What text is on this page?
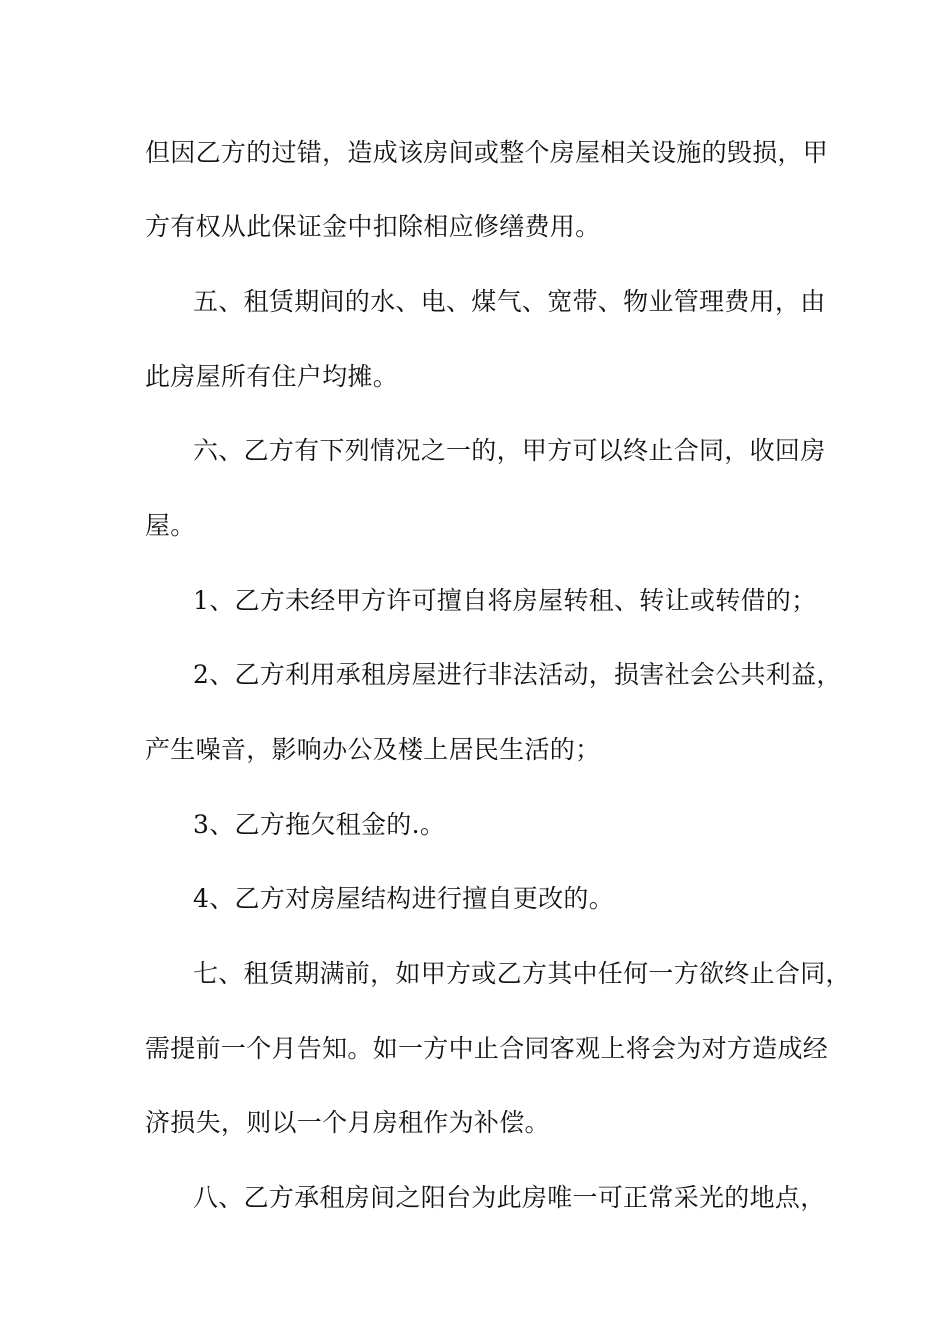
但因乙方的过错，造成该房间或整个房屋相关设施的毁损，甲
方有权从此保证金中扣除相应修缮费用。
五、租赁期间的水、电、煤气、宽带、物业管理费用，由
此房屋所有住户均摊。
六、乙方有下列情况之一的，甲方可以终止合同，收回房
屋。
1、乙方未经甲方许可擅自将房屋转租、转让或转借的；
2、乙方利用承租房屋进行非法活动，损害社会公共利益，
产生噪音，影响办公及楼上居民生活的；
3、乙方拖欠租金的.。
4、乙方对房屋结构进行擅自更改的。
七、租赁期满前，如甲方或乙方其中任何一方欲终止合同，
需提前一个月告知。如一方中止合同客观上将会为对方造成经
济损失，则以一个月房租作为补偿。
八、乙方承租房间之阳台为此房唯一可正常采光的地点，
